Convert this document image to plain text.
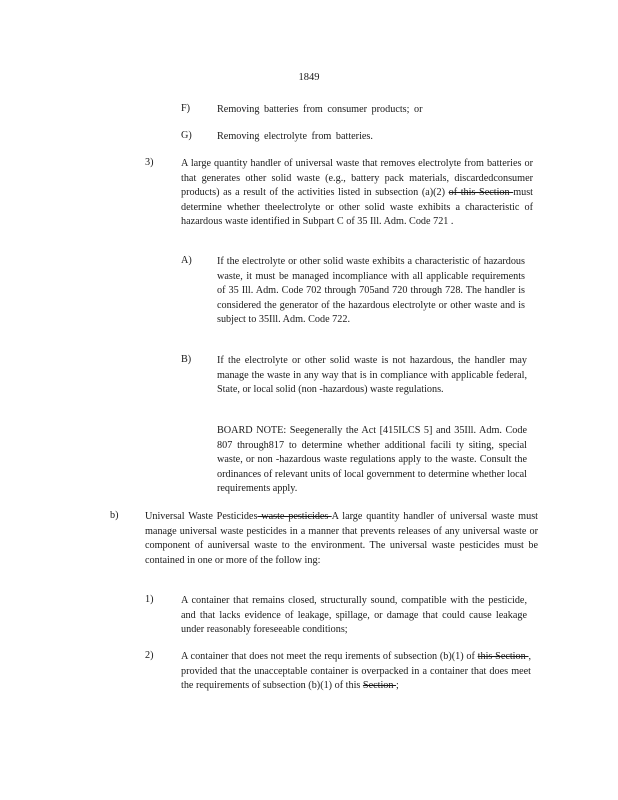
1849
F)	Removing batteries from consumer products; or
G) Removing electrolyte from batteries.
3)	A large quantity handler of universal waste that removes electrolyte from batteries or that generates other solid waste (e.g., battery pack materials, discardedconsumer products) as a result of the activities listed in subsection (a)(2) of this Section must determine whether theelectrolyte or other solid waste exhibits a characteristic of hazardous waste identified in Subpart C of 35 Ill. Adm. Code 721 .
A) If the electrolyte or other solid waste exhibits a characteristic of hazardous waste, it must be managed incompliance with all applicable requirements of 35 Ill. Adm. Code 702 through 705and 720 through 728. The handler is considered the generator of the hazardous electrolyte or other waste and is subject to 35Ill. Adm. Code 722.
B)	If the electrolyte or other solid waste is not hazardous, the handler may manage the waste in any way that is in compliance with applicable federal, State, or local solid (non -hazardous) waste regulations.
BOARD NOTE: Seegenerally the Act [415ILCS 5] and 35Ill. Adm. Code 807 through817 to determine whether additional facili ty siting, special waste, or non -hazardous waste regulations apply to the waste. Consult the ordinances of relevant units of local government to determine whether local requirements apply.
b)	Universal Waste Pesticides waste pesticides A large quantity handler of universal waste must manage universal waste pesticides in a manner that prevents releases of any universal waste or component of auniversal waste to the environment. The universal waste pesticides must be contained in one or more of the follow ing:
1)	A container that remains closed, structurally sound, compatible with the pesticide, and that lacks evidence of leakage, spillage, or damage that could cause leakage under reasonably foreseeable conditions;
2)	A container that does not meet the requ irements of subsection (b)(1) of this Section , provided that the unacceptable container is overpacked in a container that does meet the requirements of subsection (b)(1) of this Section ;
